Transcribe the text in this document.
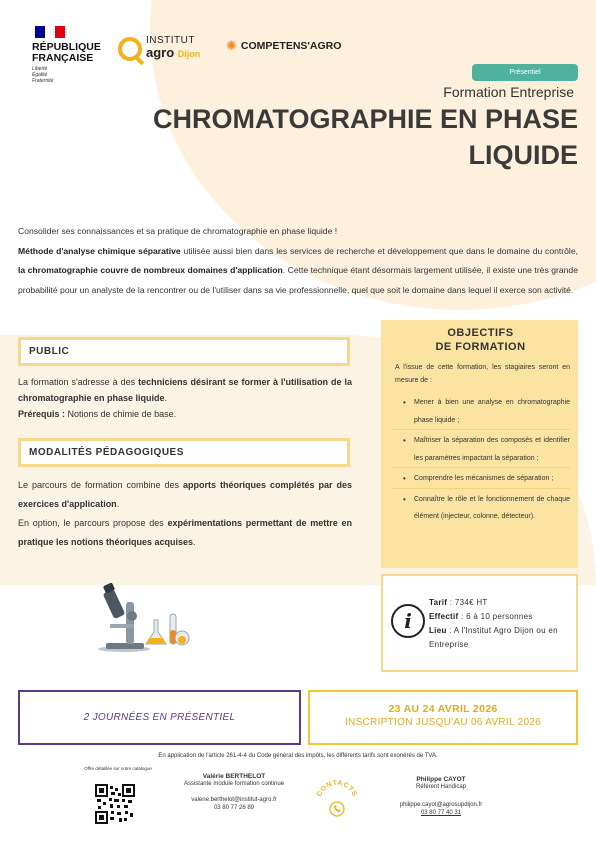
RÉPUBLIQUE
FRANÇAISE
Liberté
Égalité
Fraternité
INSTITUT
agro Dijon
✺ COMPETENS'AGRO
Présentiel
Formation Entreprise
CHROMATOGRAPHIE EN PHASE
LIQUIDE
Consolider ses connaissances et sa pratique de chromatographie en phase liquide !
Méthode d'analyse chimique séparative utilisée aussi bien dans les services de recherche et développement que dans le domaine du contrôle, la chromatographie couvre de nombreux domaines d'application. Cette technique étant désormais largement utilisée, il existe une très grande probabilité pour un analyste de la rencontrer ou de l'utiliser dans sa vie professionnelle, quel que soit le domaine dans lequel il exerce son activité.
PUBLIC
La formation s'adresse à des techniciens désirant se former à l'utilisation de la chromatographie en phase liquide.
Prérequis : Notions de chimie de base.
MODALITÉS PÉDAGOGIQUES
Le parcours de formation combine des apports théoriques complétés par des exercices d'application.
En option, le parcours propose des expérimentations permettant de mettre en pratique les notions théoriques acquises.
OBJECTIFS
DE FORMATION
A l'issue de cette formation, les stagiaires seront en mesure de :
• Mener à bien une analyse en chromatographie phase liquide ;
• Maîtriser la séparation des composés et identifier les paramètres impactant la séparation ;
• Comprendre les mécanismes de séparation ;
• Connaître le rôle et le fonctionnement de chaque élément (injecteur, colonne, détecteur).
i
Tarif : 734€ HT
Effectif : 6 à 10 personnes
Lieu : A l'Institut Agro Dijon ou en Entreprise
2 JOURNÉES EN PRÉSENTIEL
23 AU 24 AVRIL 2026
INSCRIPTION JUSQU'AU 06 AVRIL 2026
En application de l'article 261-4-4 du Code général des impôts, les différents tarifs sont exonérés de TVA.
Offre détaillée sur notre catalogue
Valérie BERTHELOT
Assistante module formation continue
valerie.berthelot@institut-agro.fr
03 80 77 26 89
CONTACTS
Philippe CAYOT
Référent Handicap
philippe.cayot@agrosupdijon.fr
03 80 77 40 31
